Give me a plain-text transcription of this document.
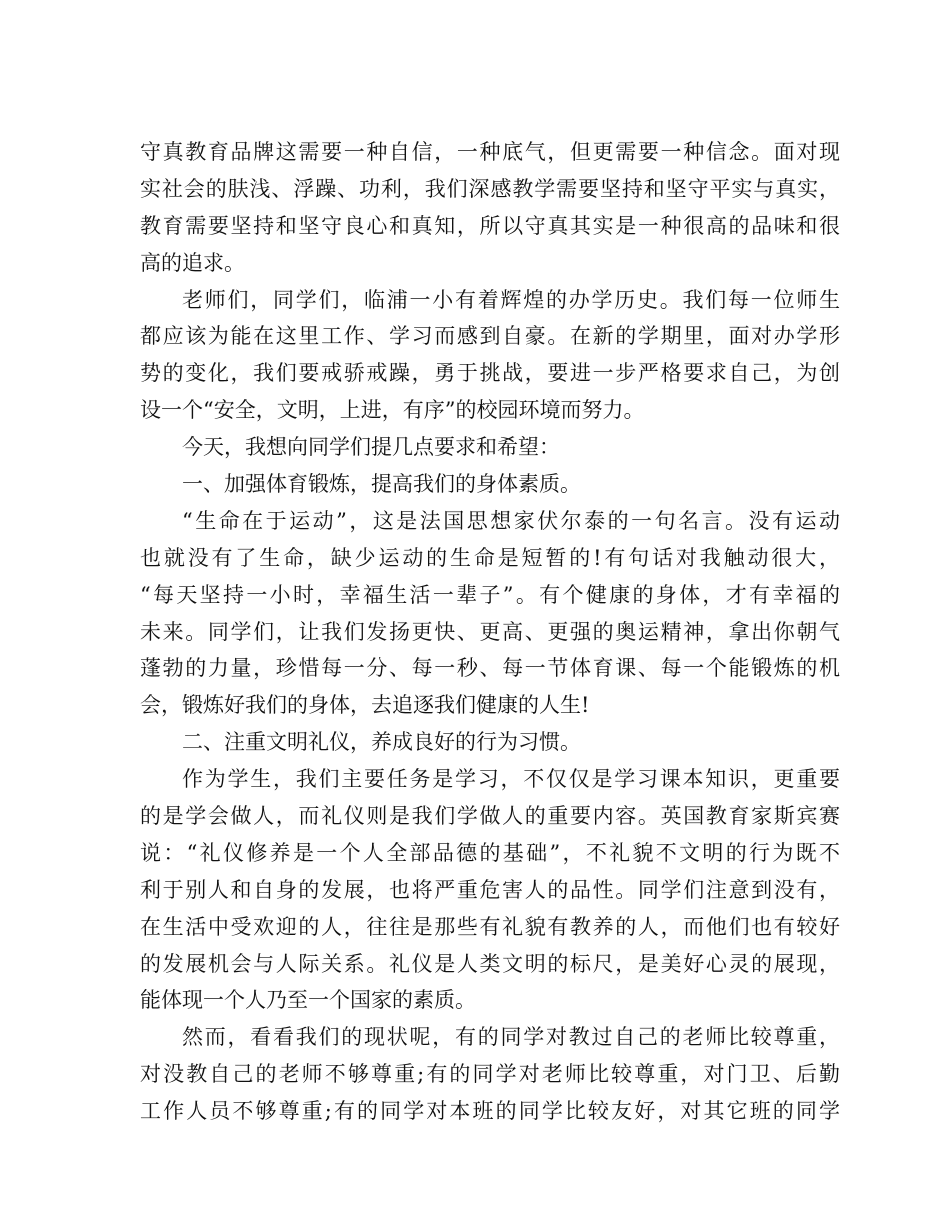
守真教育品牌这需要一种自信，一种底气，但更需要一种信念。面对现
实社会的肤浅、浮躁、功利，我们深感教学需要坚持和坚守平实与真实，
教育需要坚持和坚守良心和真知，所以守真其实是一种很高的品味和很
高的追求。
老师们，同学们，临浦一小有着辉煌的办学历史。我们每一位师生
都应该为能在这里工作、学习而感到自豪。在新的学期里，面对办学形
势的变化，我们要戒骄戒躁，勇于挑战，要进一步严格要求自己，为创
设一个“安全，文明，上进，有序”的校园环境而努力。
今天，我想向同学们提几点要求和希望：
一、加强体育锻炼，提高我们的身体素质。
“生命在于运动”，这是法国思想家伏尔泰的一句名言。没有运动
也就没有了生命，缺少运动的生命是短暂的!有句话对我触动很大，
“每天坚持一小时，幸福生活一辈子”。有个健康的身体，才有幸福的
未来。同学们，让我们发扬更快、更高、更强的奥运精神，拿出你朝气
蓬勃的力量，珍惜每一分、每一秒、每一节体育课、每一个能锻炼的机
会，锻炼好我们的身体，去追逐我们健康的人生!
二、注重文明礼仪，养成良好的行为习惯。
作为学生，我们主要任务是学习，不仅仅是学习课本知识，更重要
的是学会做人，而礼仪则是我们学做人的重要内容。英国教育家斯宾赛
说：“礼仪修养是一个人全部品德的基础”，不礼貌不文明的行为既不
利于别人和自身的发展，也将严重危害人的品性。同学们注意到没有，
在生活中受欢迎的人，往往是那些有礼貌有教养的人，而他们也有较好
的发展机会与人际关系。礼仪是人类文明的标尺，是美好心灵的展现，
能体现一个人乃至一个国家的素质。
然而，看看我们的现状呢，有的同学对教过自己的老师比较尊重，
对没教自己的老师不够尊重;有的同学对老师比较尊重，对门卫、后勤
工作人员不够尊重;有的同学对本班的同学比较友好，对其它班的同学
